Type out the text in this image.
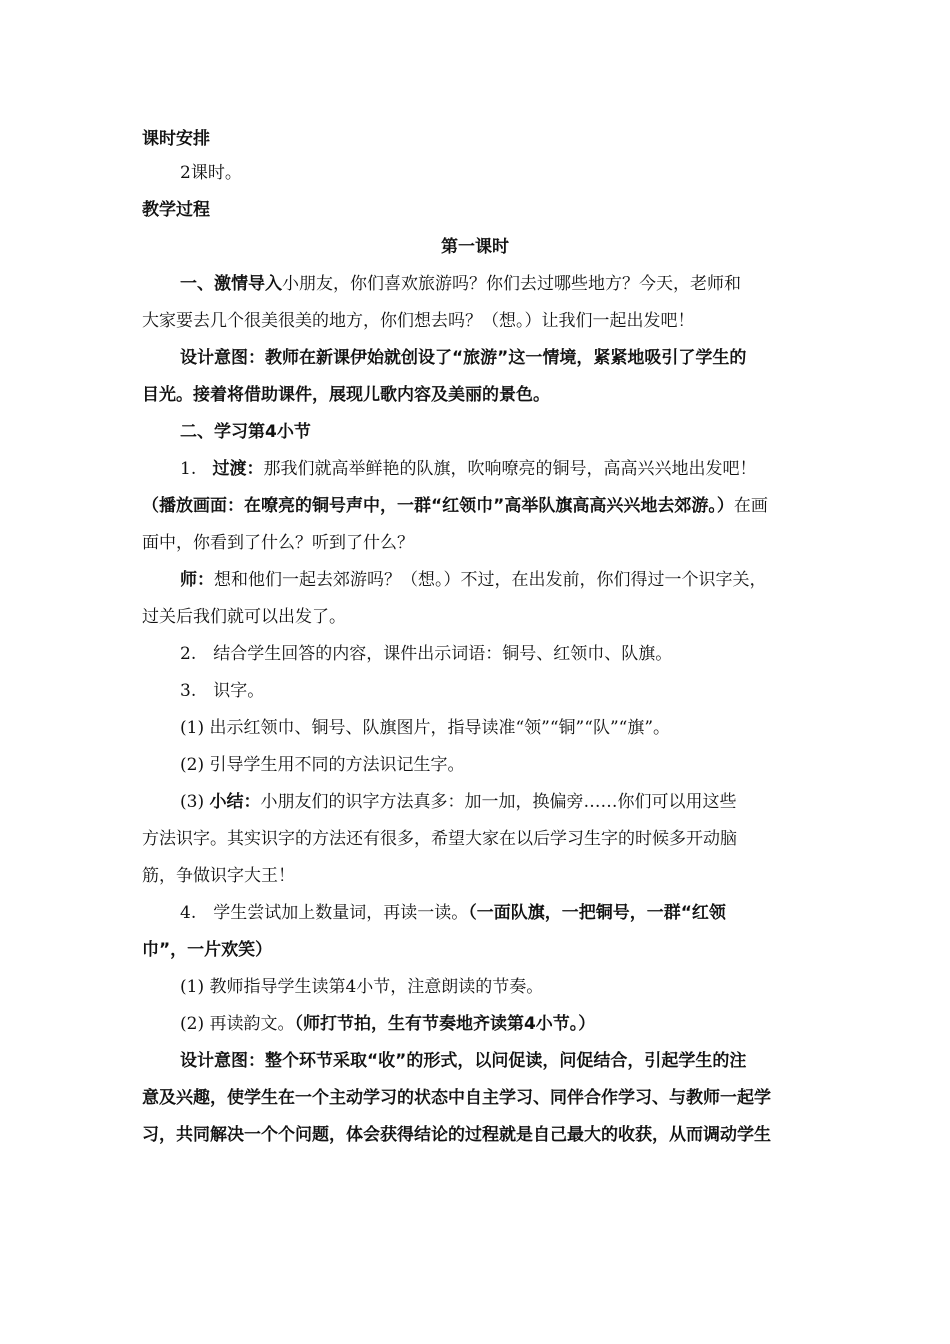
课时安排
2课时。
教学过程
第一课时
一、激情导入小朋友，你们喜欢旅游吗？你们去过哪些地方？今天，老师和
大家要去几个很美很美的地方，你们想去吗？（想。）让我们一起出发吧！
设计意图：教师在新课伊始就创设了“旅游”这一情境，紧紧地吸引了学生的
目光。接着将借助课件，展现儿歌内容及美丽的景色。
二、学习第4小节
1. 过渡：那我们就高举鲜艳的队旗，吹响嘹亮的铜号，高高兴兴地出发吧！
（播放画面：在嘹亮的铜号声中，一群“红领巾”高举队旗高高兴兴地去郊游。）在画
面中，你看到了什么？听到了什么？
师：想和他们一起去郊游吗？（想。）不过，在出发前，你们得过一个识字关，
过关后我们就可以出发了。
2.　结合学生回答的内容，课件出示词语：铜号、红领巾、队旗。
3.　识字。
(1) 出示红领巾、铜号、队旗图片，指导读准“领”“铜”“队”“旗”。
(2) 引导学生用不同的方法识记生字。
(3) 小结：小朋友们的识字方法真多：加一加，换偏旁……你们可以用这些
方法识字。其实识字的方法还有很多，希望大家在以后学习生字的时候多开动脑
筋，争做识字大王！
4.　学生尝试加上数量词，再读一读。（一面队旗，一把铜号，一群“红领
巾”，一片欢笑）
(1) 教师指导学生读第4小节，注意朗读的节奏。
(2) 再读韵文。（师打节拍，生有节奏地齐读第4小节。）
设计意图：整个环节采取“收”的形式，以问促读，问促结合，引起学生的注
意及兴趣，使学生在一个主动学习的状态中自主学习、同伴合作学习、与教师一起学
习，共同解决一个个问题，体会获得结论的过程就是自己最大的收获，从而调动学生
